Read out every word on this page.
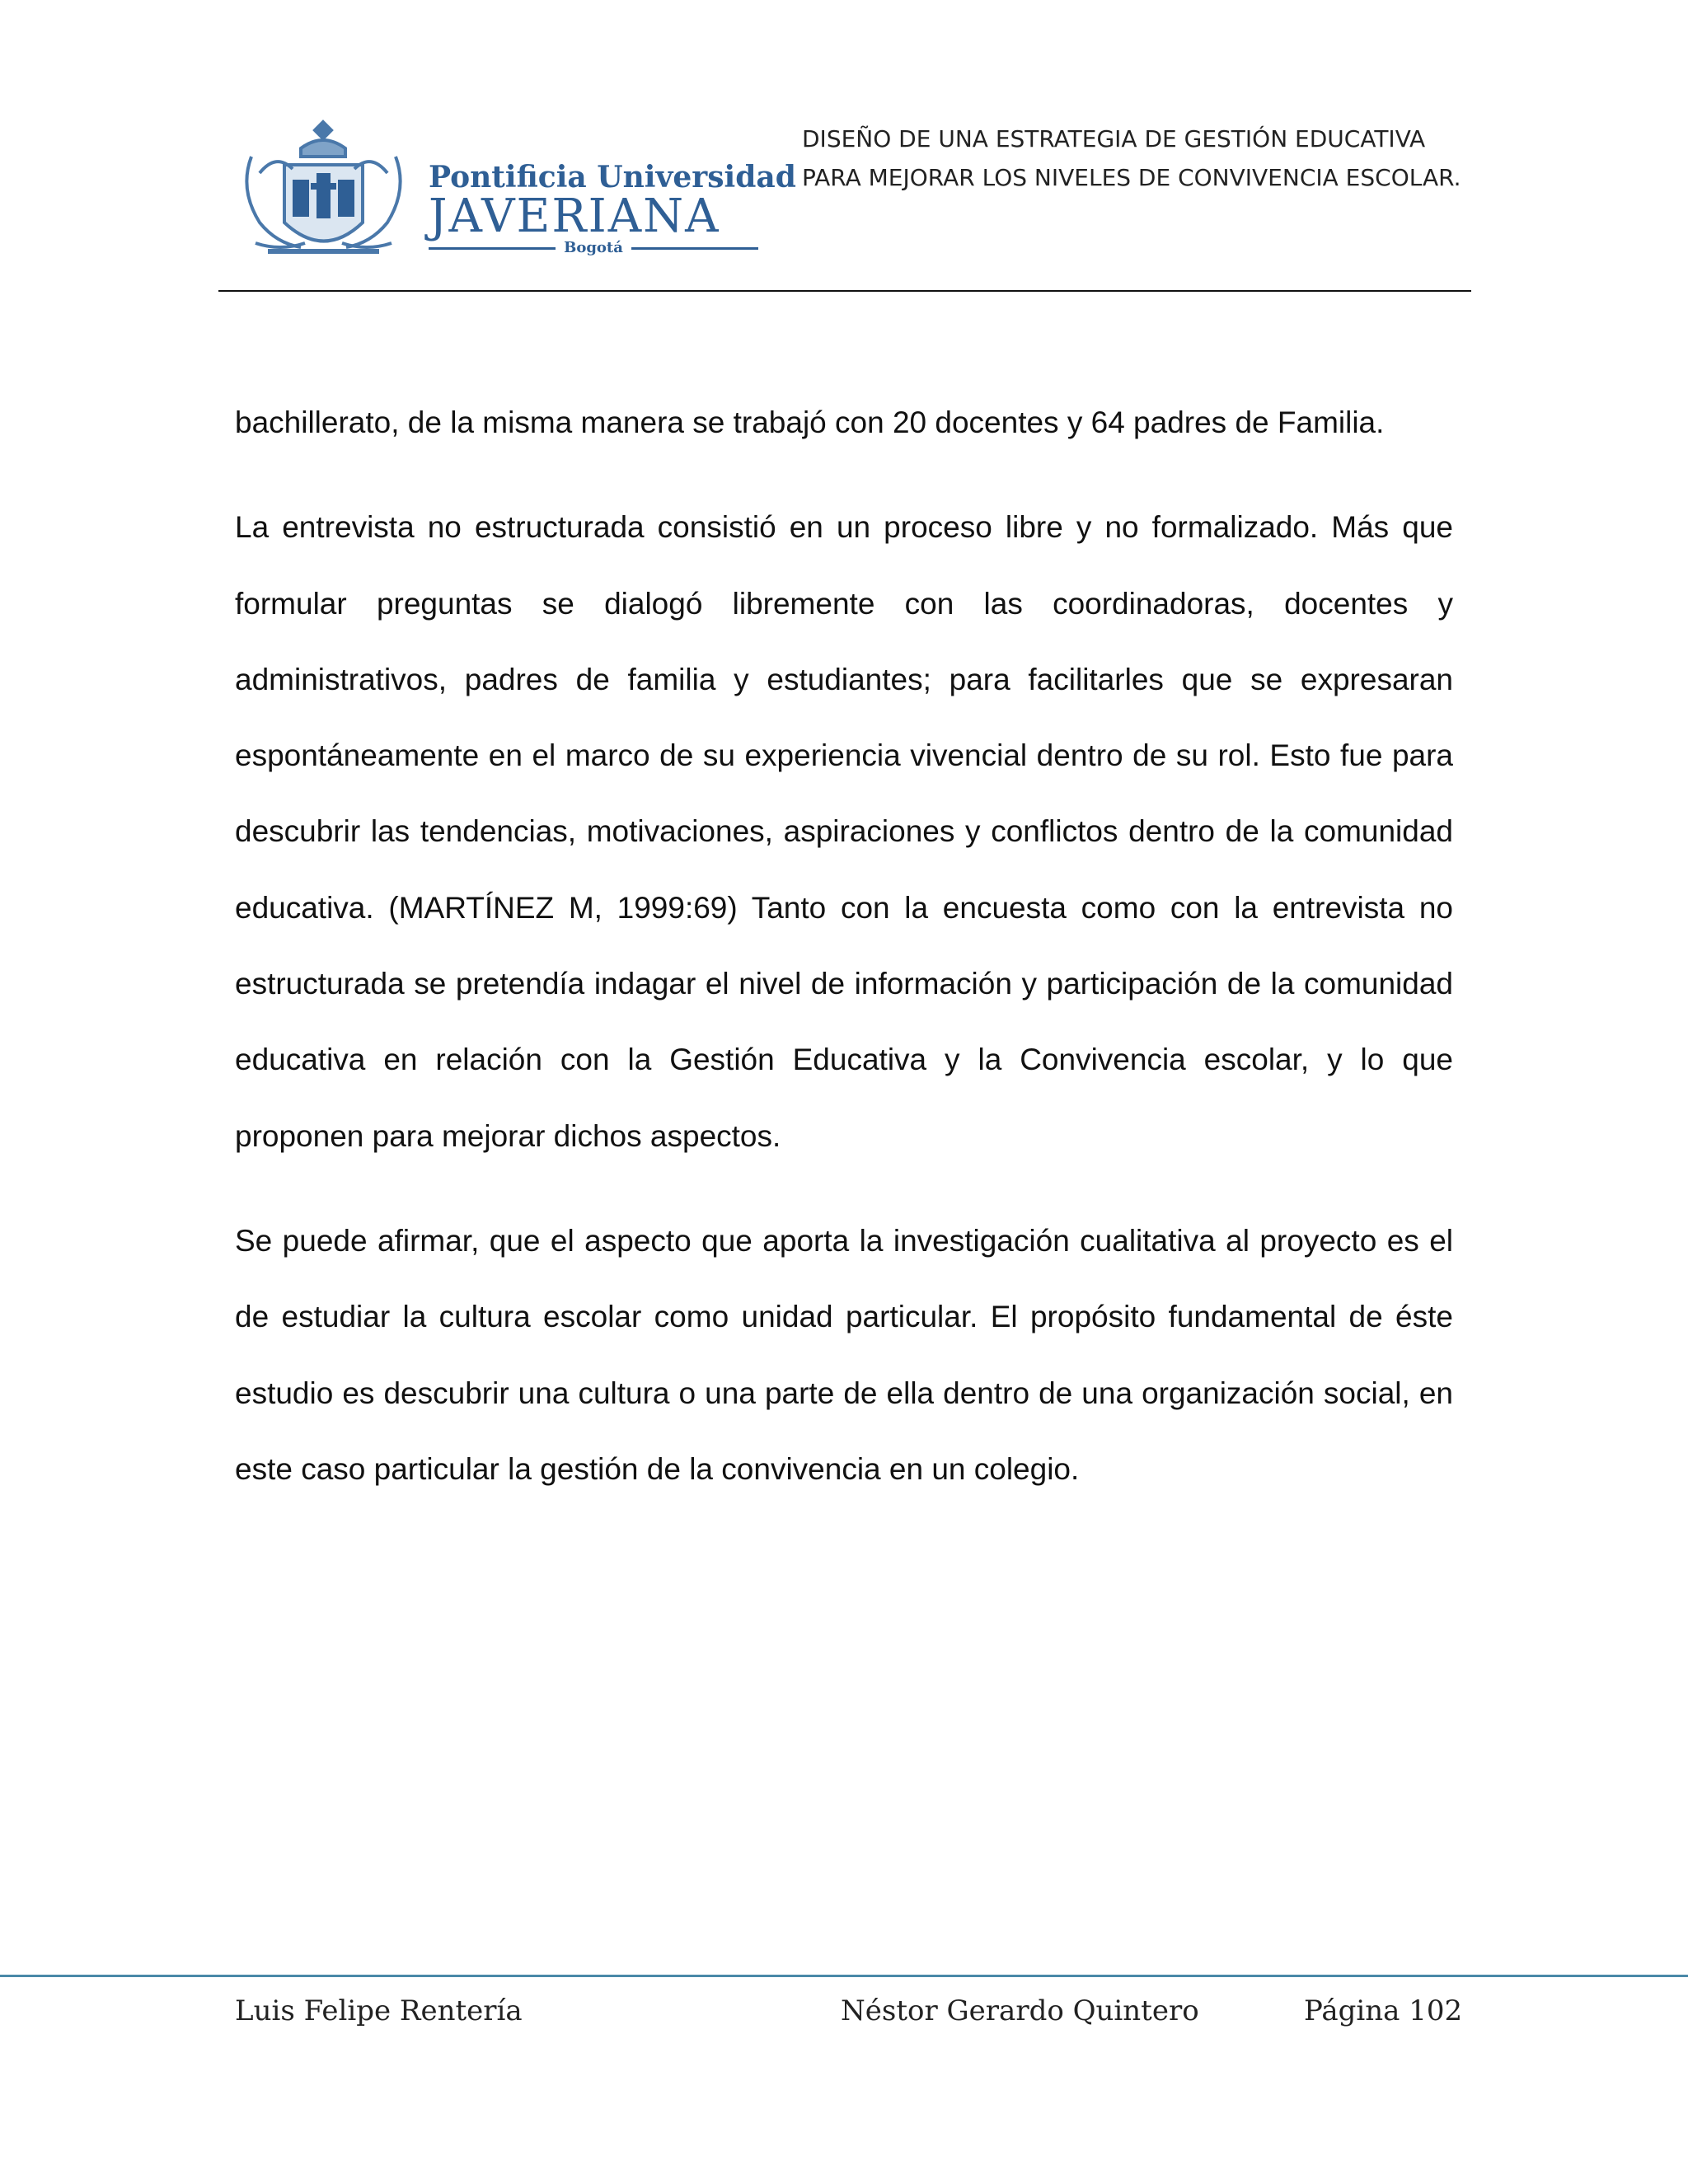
Pontificia Universidad
JAVERIANA
Bogotá
DISEÑO DE UNA ESTRATEGIA DE GESTIÓN EDUCATIVA
PARA MEJORAR LOS NIVELES DE CONVIVENCIA ESCOLAR.

bachillerato, de la misma manera se trabajó con 20 docentes y 64 padres de Familia.

La entrevista no estructurada consistió en un proceso libre y no formalizado. Más que formular preguntas se dialogó libremente con las coordinadoras, docentes y administrativos, padres de familia y estudiantes; para facilitarles que se expresaran espontáneamente en el marco de su experiencia vivencial dentro de su rol. Esto fue para descubrir las tendencias, motivaciones, aspiraciones y conflictos dentro de la comunidad educativa. (MARTÍNEZ M, 1999:69) Tanto con la encuesta como con la entrevista no estructurada se pretendía indagar el nivel de información y participación de la comunidad educativa en relación con la Gestión Educativa y la Convivencia escolar, y lo que proponen para mejorar dichos aspectos.

Se puede afirmar, que el aspecto que aporta la investigación cualitativa al proyecto es el de estudiar la cultura escolar como unidad particular. El propósito fundamental de éste estudio es descubrir una cultura o una parte de ella dentro de una organización social, en este caso particular la gestión de la convivencia en un colegio.

Luis Felipe Rentería	Néstor Gerardo Quintero	Página 102
